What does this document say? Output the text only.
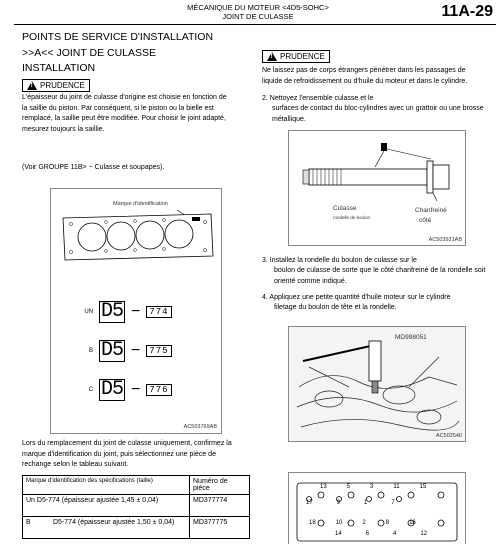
MÉCANIQUE DU MOTEUR <4D5-SOHC>
JOINT DE CULASSE	11A-29
POINTS DE SERVICE D'INSTALLATION
>>A<< JOINT DE CULASSE
INSTALLATION
!
PRUDENCE
L'épaisseur du joint de culasse d'origine est choisie en fonction de la saillie du piston. Par conséquent, si le piston ou la bielle est remplacé, la saillie peut être modifiée. Pour choisir le joint adapté, mesurez toujours la saillie.
(Voir GROUPE 11B> − Culasse et soupapes).
Marque d'identification
UN D5 −	774
B D5 −	775
C D5 −	776
AC503769AB
Lors du remplacement du joint de culasse uniquement, confirmez la marque d'identification du joint, puis sélectionnez une pièce de rechange selon le tableau suivant.
Marque d'identification des spécifications (taille)	Numéro de pièce
Un D5-774 (épaisseur ajustée 1,45 ± 0,04)	MD377774

B D5-774 (épaisseur ajustée 1,50 ± 0,04)	MD377775
!
PRUDENCE
Ne laissez pas de corps étrangers pénétrer dans les passages de liquide de refroidissement ou d'huile du moteur et dans le cylindre.
2. Nettoyez l'ensemble culasse et le
surfaces de contact du bloc-cylindres avec un grattoir ou une brosse métallique.
Culasse
rondelle de boulon
Chanfreiné
côté
AC503931AB
3. Installez la rondelle du boulon de culasse sur le
boulon de culasse de sorte que le côté chanfreiné de la rondelle soit orienté comme indiqué.
4. Appliquez une petite quantité d'huile moteur sur le cylindre
filetage du boulon de tête et la rondelle.
MD998051
AC502540
13	5	3	11	15
17	9	1	7
18	10	2	8	16
14	6	4	12
